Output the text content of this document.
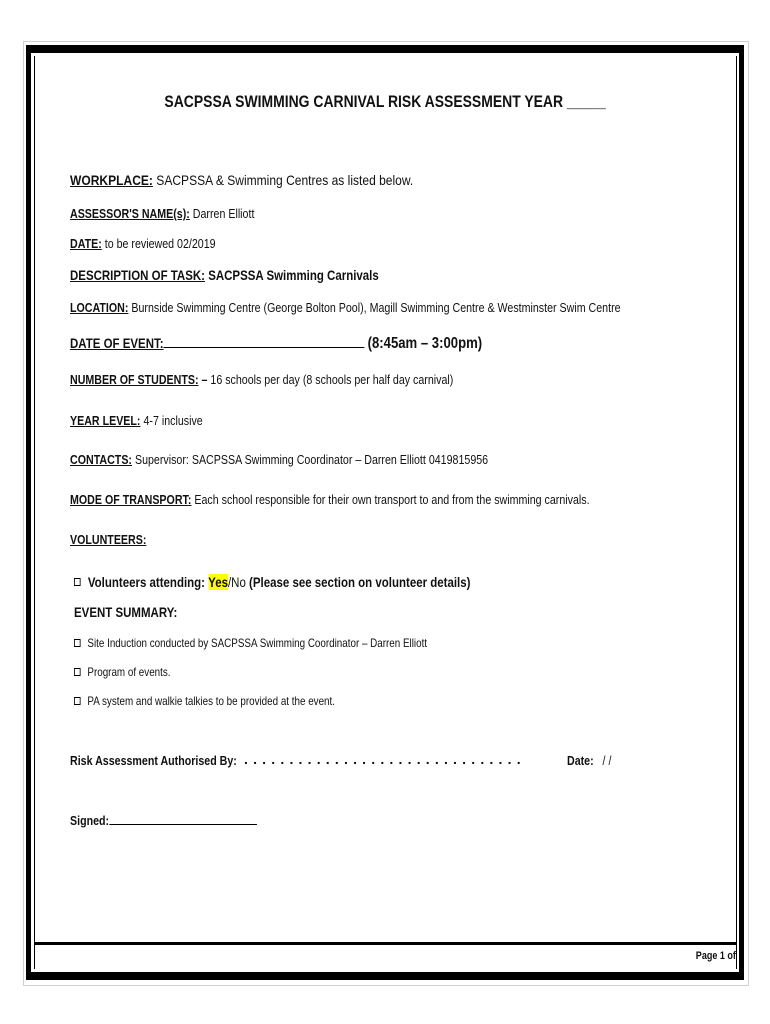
SACPSSA SWIMMING CARNIVAL RISK ASSESSMENT YEAR _____
WORKPLACE: SACPSSA & Swimming Centres as listed below.
ASSESSOR'S NAME(s): Darren Elliott
DATE: to be reviewed 02/2019
DESCRIPTION OF TASK: SACPSSA Swimming Carnivals
LOCATION: Burnside Swimming Centre (George Bolton Pool), Magill Swimming Centre & Westminster Swim Centre
DATE OF EVENT:	(8:45am – 3:00pm)
NUMBER OF STUDENTS: – 16 schools per day (8 schools per half day carnival)
YEAR LEVEL: 4-7 inclusive
CONTACTS: Supervisor: SACPSSA Swimming Coordinator – Darren Elliott 0419815956
MODE OF TRANSPORT: Each school responsible for their own transport to and from the swimming carnivals.
VOLUNTEERS:
Volunteers attending: Yes/No (Please see section on volunteer details)
EVENT SUMMARY:
Site Induction conducted by SACPSSA Swimming Coordinator – Darren Elliott
Program of events.
PA system and walkie talkies to be provided at the event.
Risk Assessment Authorised By: ...............................	Date: / /
Signed:
Page 1 of
